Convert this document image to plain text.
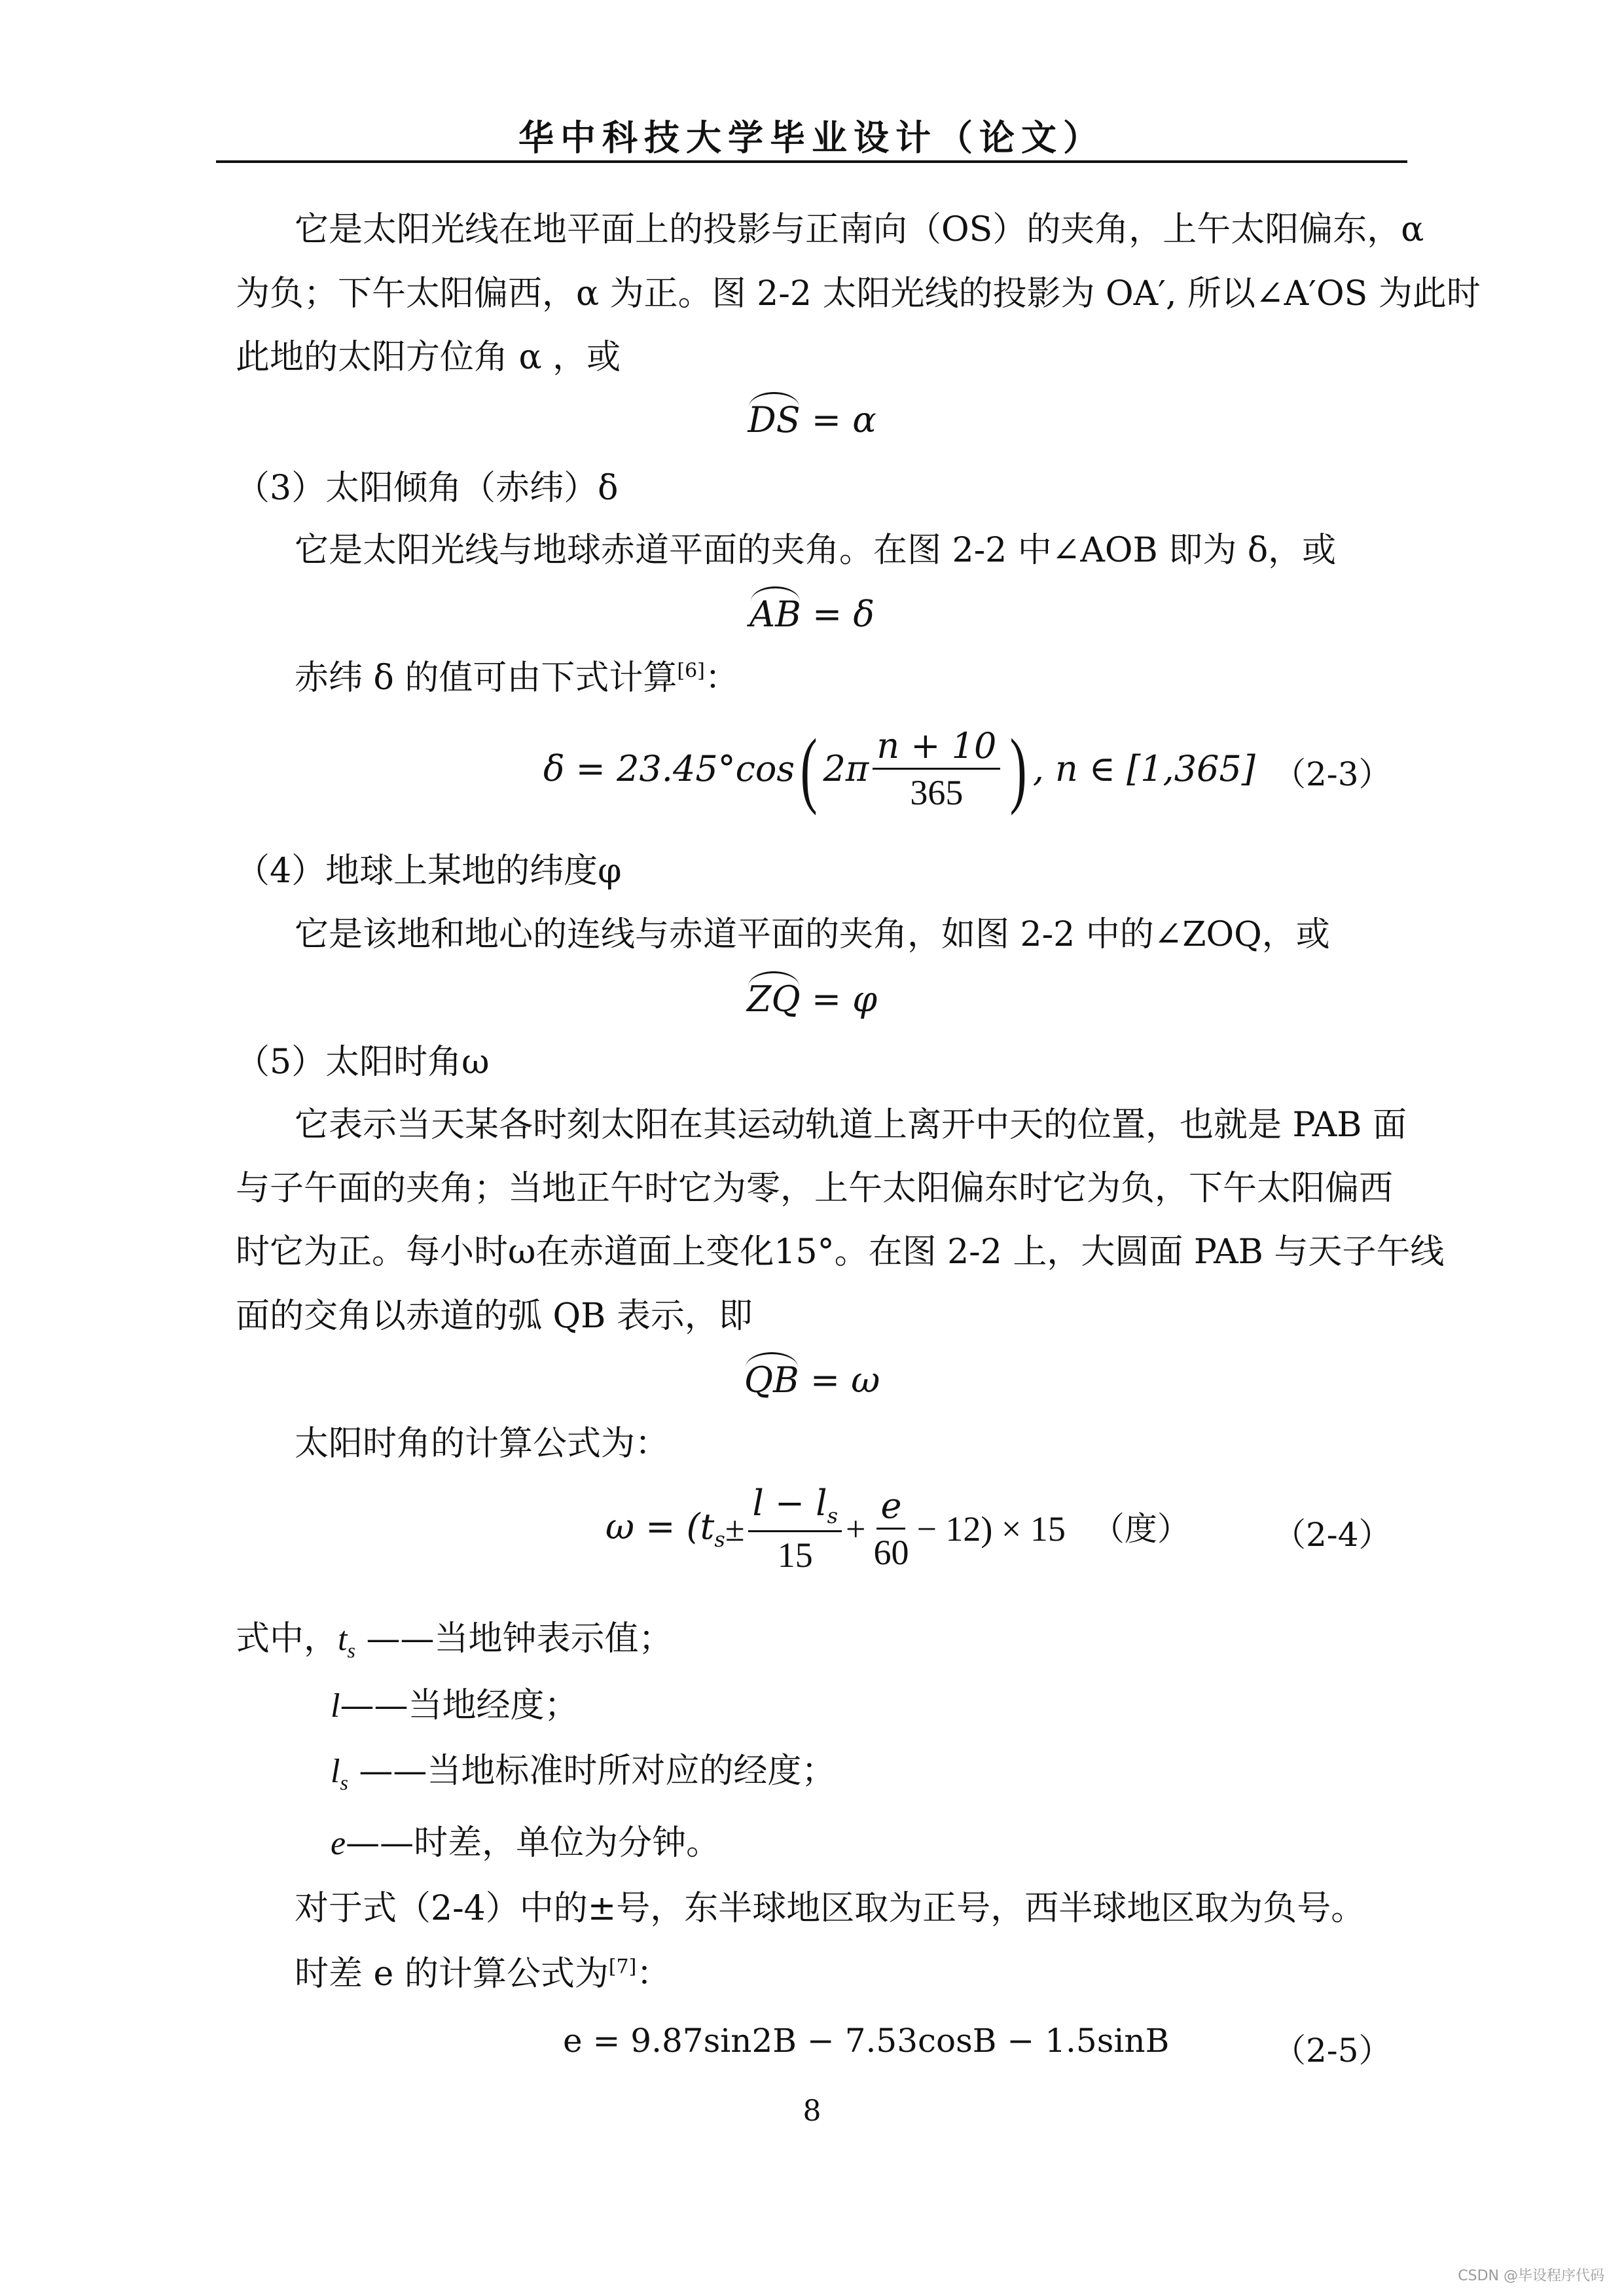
华中科技大学毕业设计（论文）
它是太阳光线在地平面上的投影与正南向（OS）的夹角，上午太阳偏东，α
为负；下午太阳偏西，α 为正。图 2-2 太阳光线的投影为 OA′, 所以∠A′OS 为此时
此地的太阳方位角 α ，或
DS = α
（3）太阳倾角（赤纬）δ
它是太阳光线与地球赤道平面的夹角。在图 2-2 中∠AOB 即为 δ，或
AB = δ
赤纬 δ 的值可由下式计算[6]：
δ = 23.45°cos ( $2\pi \frac{n + 10}{365}$ ) , n ∈ [1,365] （2-3）
（4）地球上某地的纬度φ
它是该地和地心的连线与赤道平面的夹角，如图 2-2 中的∠ZOQ，或
ZQ = φ
（5）太阳时角ω
它表示当天某各时刻太阳在其运动轨道上离开中天的位置，也就是 PAB 面
与子午面的夹角；当地正午时它为零，上午太阳偏东时它为负，下午太阳偏西
时它为正。每小时ω在赤道面上变化15°。在图 2-2 上，大圆面 PAB 与天子午线
面的交角以赤道的弧 QB 表示，即
QB = ω
太阳时角的计算公式为：
$\omega = (t_s \pm \frac{l - l_s}{15} + \frac{e}{60} - 12) \times 15$ （度）	（2-4）
式中，$t_s$ ——当地钟表示值；
l——当地经度；
$l_s$ ——当地标准时所对应的经度；
e——时差，单位为分钟。
对于式（2-4）中的±号，东半球地区取为正号，西半球地区取为负号。
时差 e 的计算公式为[7]：
e = 9.87sin2B − 7.53cosB − 1.5sinB	（2-5）
8
CSDN @毕设程序代码
